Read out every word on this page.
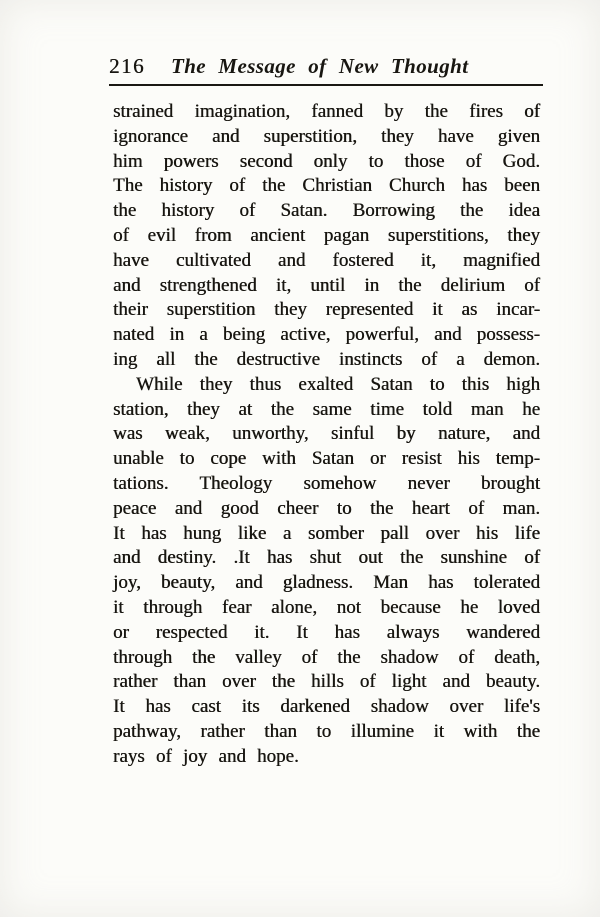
216 The Message of New Thought
strained imagination, fanned by the fires of
ignorance and superstition, they have given
him powers second only to those of God.
The history of the Christian Church has been
the history of Satan. Borrowing the idea
of evil from ancient pagan superstitions, they
have cultivated and fostered it, magnified
and strengthened it, until in the delirium of
their superstition they represented it as incar-
nated in a being active, powerful, and possess-
ing all the destructive instincts of a demon.
While they thus exalted Satan to this high
station, they at the same time told man he
was weak, unworthy, sinful by nature, and
unable to cope with Satan or resist his temp-
tations. Theology somehow never brought
peace and good cheer to the heart of man.
It has hung like a somber pall over his life
and destiny. .It has shut out the sunshine of
joy, beauty, and gladness. Man has tolerated
it through fear alone, not because he loved
or respected it. It has always wandered
through the valley of the shadow of death,
rather than over the hills of light and beauty.
It has cast its darkened shadow over life's
pathway, rather than to illumine it with the
rays of joy and hope.
